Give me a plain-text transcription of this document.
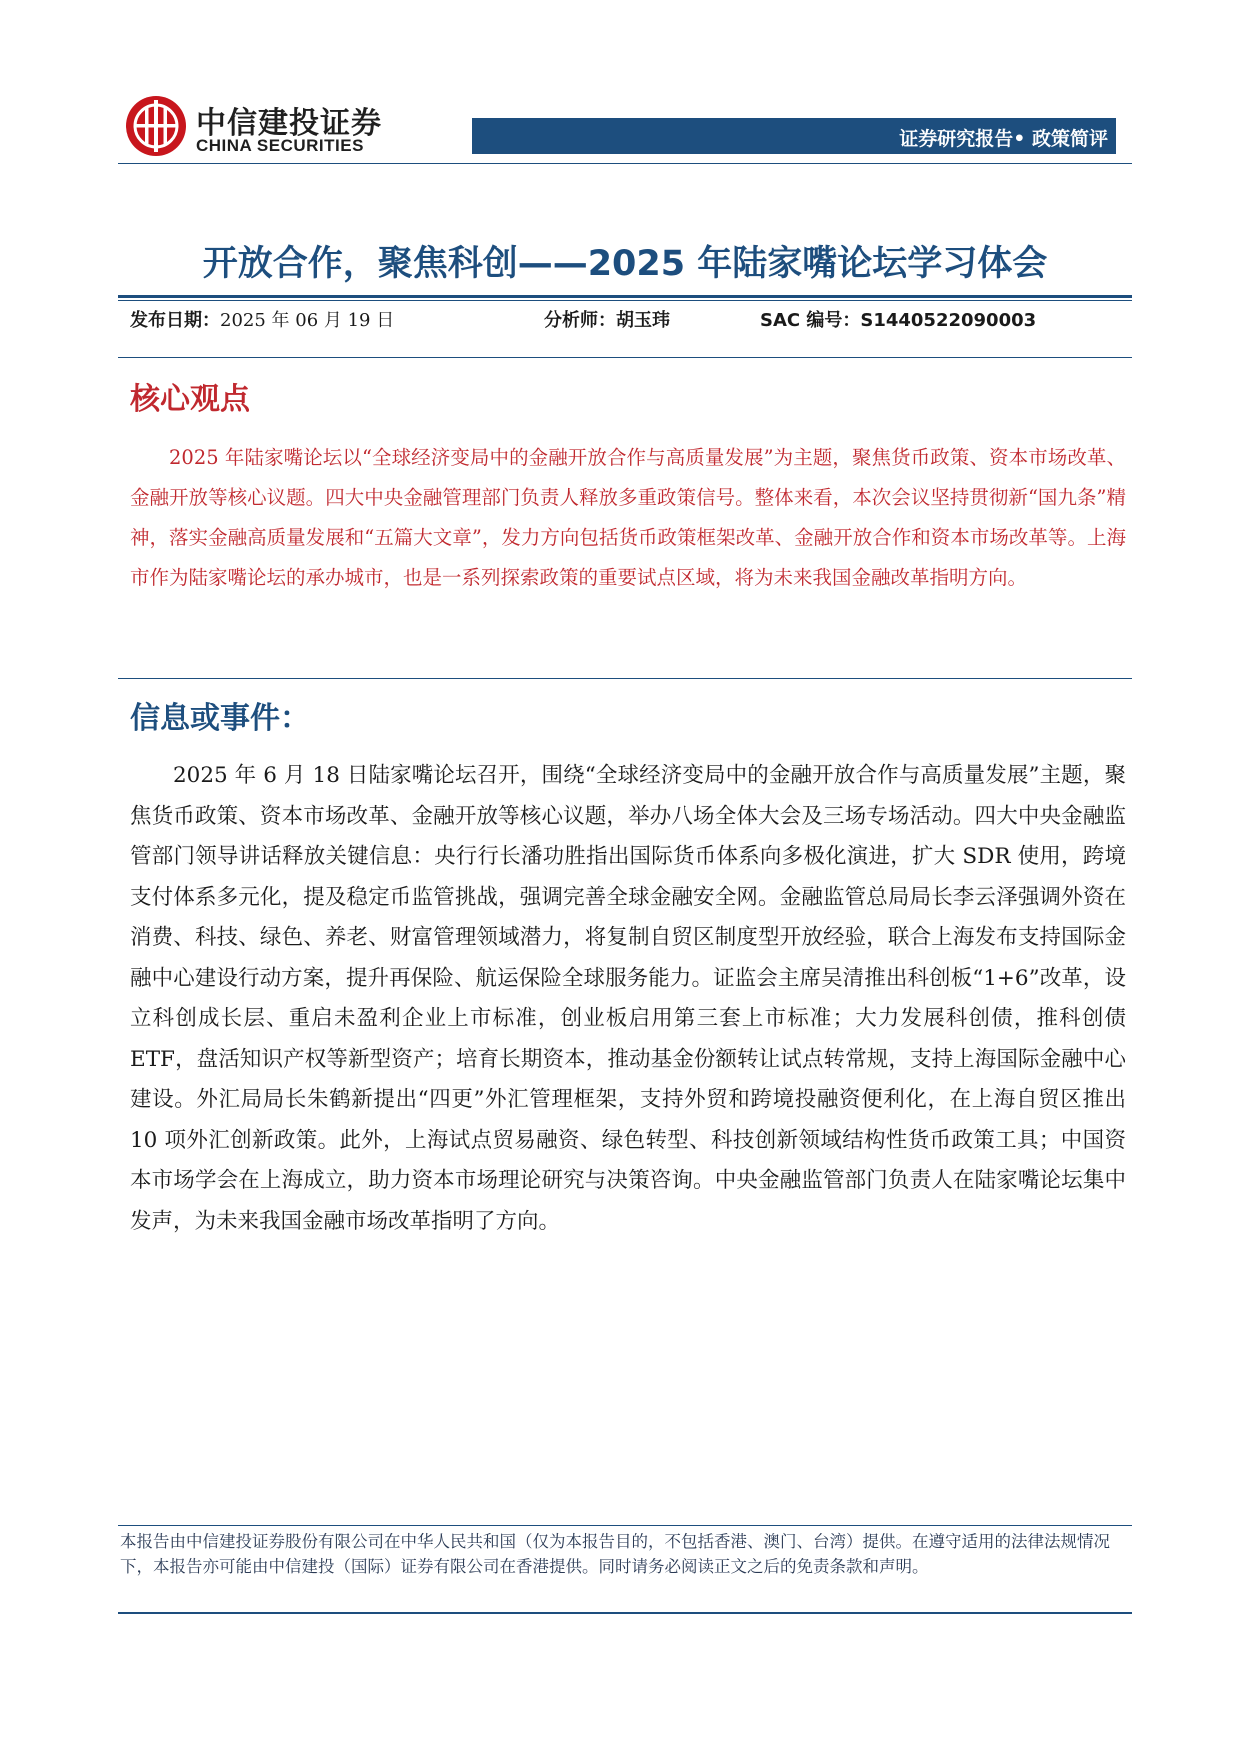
中信建投证券
CHINA SECURITIES	证券研究报告• 政策简评
开放合作，聚焦科创——2025 年陆家嘴论坛学习体会
发布日期：2025 年 06 月 19 日	分析师：胡玉玮	SAC 编号：S1440522090003
核心观点

2025 年陆家嘴论坛以“全球经济变局中的金融开放合作与高质量发展”为主题，聚焦货币政策、资本市场改革、金融开放等核心议题。四大中央金融管理部门负责人释放多重政策信号。整体来看，本次会议坚持贯彻新“国九条”精神，落实金融高质量发展和“五篇大文章”，发力方向包括货币政策框架改革、金融开放合作和资本市场改革等。上海市作为陆家嘴论坛的承办城市，也是一系列探索政策的重要试点区域，将为未来我国金融改革指明方向。

信息或事件：

2025 年 6 月 18 日陆家嘴论坛召开，围绕“全球经济变局中的金融开放合作与高质量发展”主题，聚焦货币政策、资本市场改革、金融开放等核心议题，举办八场全体大会及三场专场活动。四大中央金融监管部门领导讲话释放关键信息：央行行长潘功胜指出国际货币体系向多极化演进，扩大 SDR 使用，跨境支付体系多元化，提及稳定币监管挑战，强调完善全球金融安全网。金融监管总局局长李云泽强调外资在消费、科技、绿色、养老、财富管理领域潜力，将复制自贸区制度型开放经验，联合上海发布支持国际金融中心建设行动方案，提升再保险、航运保险全球服务能力。证监会主席吴清推出科创板“1+6”改革，设立科创成长层、重启未盈利企业上市标准，创业板启用第三套上市标准；大力发展科创债，推科创债 ETF，盘活知识产权等新型资产；培育长期资本，推动基金份额转让试点转常规，支持上海国际金融中心建设。外汇局局长朱鹤新提出“四更”外汇管理框架，支持外贸和跨境投融资便利化，在上海自贸区推出 10 项外汇创新政策。此外，上海试点贸易融资、绿色转型、科技创新领域结构性货币政策工具；中国资本市场学会在上海成立，助力资本市场理论研究与决策咨询。中央金融监管部门负责人在陆家嘴论坛集中发声，为未来我国金融市场改革指明了方向。

本报告由中信建投证券股份有限公司在中华人民共和国（仅为本报告目的，不包括香港、澳门、台湾）提供。在遵守适用的法律法规情况下，本报告亦可能由中信建投（国际）证券有限公司在香港提供。同时请务必阅读正文之后的免责条款和声明。
